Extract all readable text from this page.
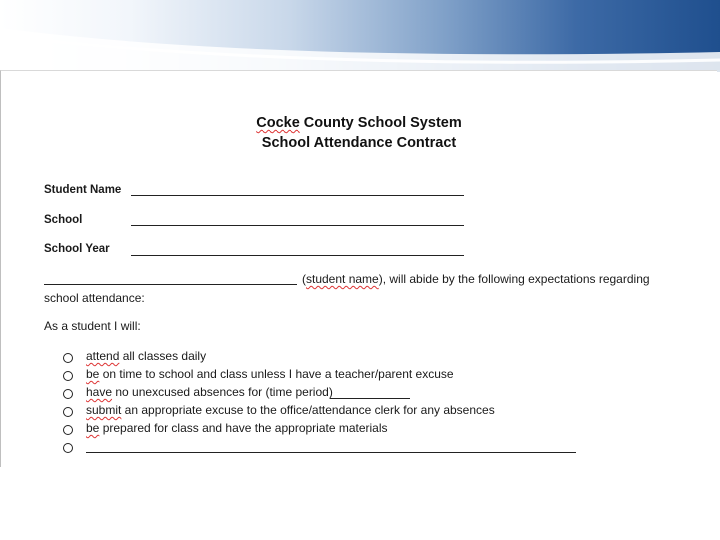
Cocke County School System
School Attendance Contract
Student Name
School
School Year
(student name), will abide by the following expectations regarding
school attendance:
As a student I will:
attend all classes daily
be on time to school and class unless I have a teacher/parent excuse
have no unexcused absences for (time period)
submit an appropriate excuse to the office/attendance clerk for any absences
be prepared for class and have the appropriate materials
